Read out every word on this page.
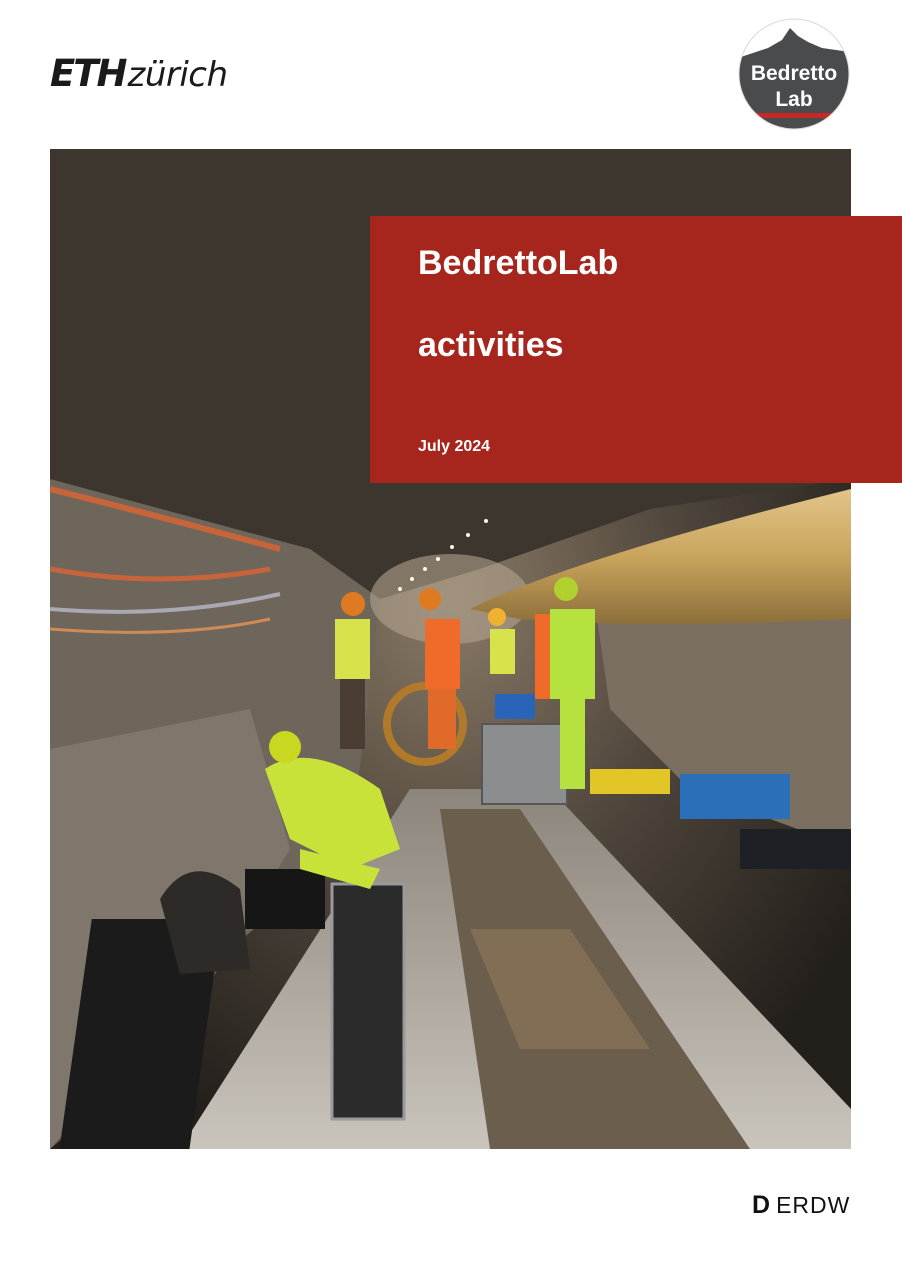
ETH zürich	Bedretto
Lab
BedrettoLab
activities
July 2024
D ERDW
